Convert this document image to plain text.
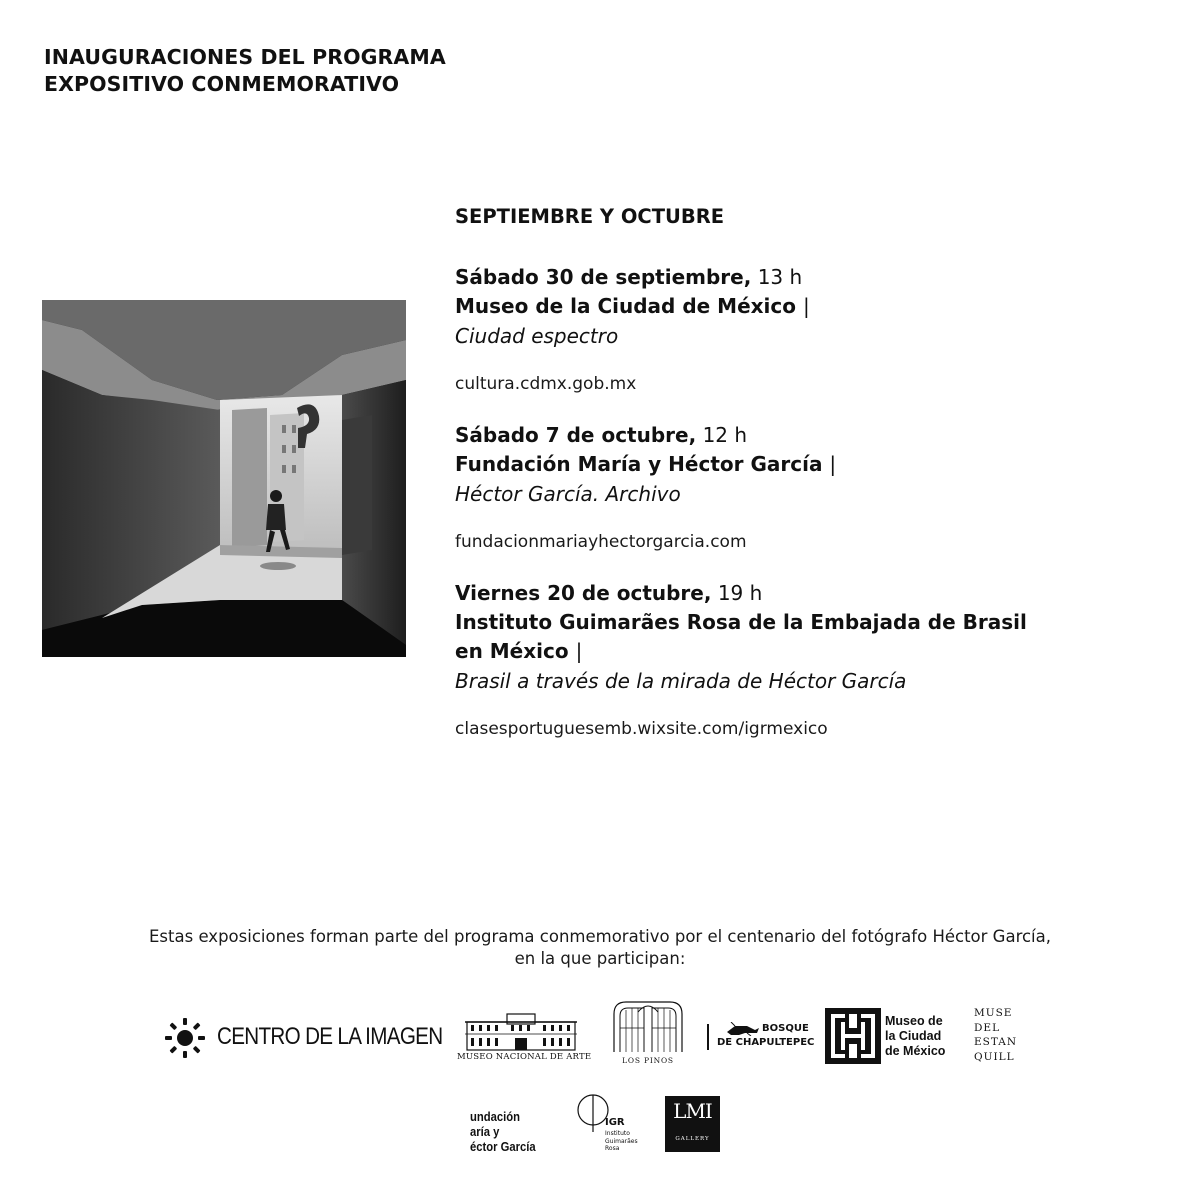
INAUGURACIONES DEL PROGRAMA
EXPOSITIVO CONMEMORATIVO
SEPTIEMBRE Y OCTUBRE
Sábado 30 de septiembre, 13 h
Museo de la Ciudad de México |
Ciudad espectro
cultura.cdmx.gob.mx
Sábado 7 de octubre, 12 h
Fundación María y Héctor García |
Héctor García. Archivo
fundacionmariayhectorgarcia.com
Viernes 20 de octubre, 19 h
Instituto Guimarães Rosa de la Embajada de Brasil en México |
Brasil a través de la mirada de Héctor García
clasesportuguesemb.wixsite.com/igrmexico
Estas exposiciones forman parte del programa conmemorativo por el centenario del fotógrafo Héctor García,
en la que participan:
CENTRO DE LA IMAGEN
MUSEO NACIONAL DE ARTE	LOS PINOS
BOSQUE
DE CHAPULTEPEC
Museo de
la Ciudad
de México
MUSE
DEL
ESTAN
QUILL
undación
aría y
éctor García
IGR
Instituto
Guimarães
Rosa
LMI
GALLERY
